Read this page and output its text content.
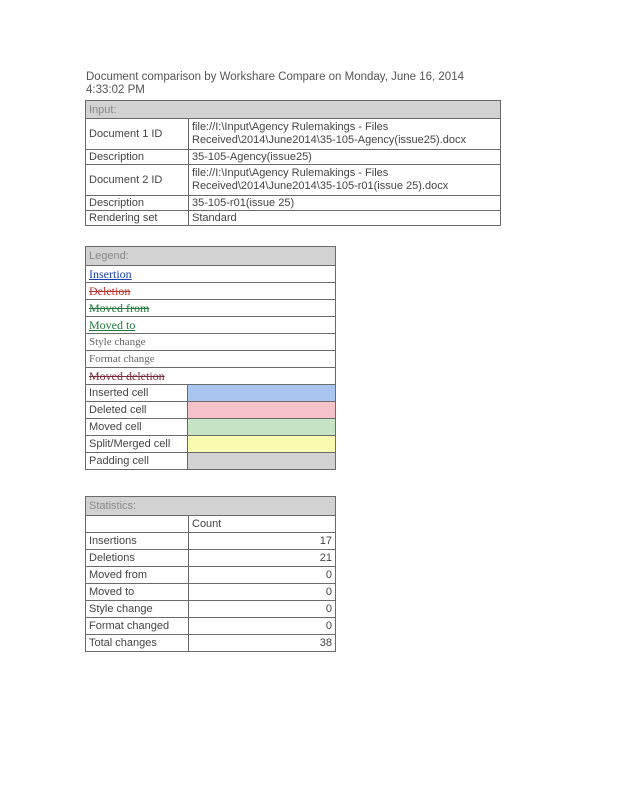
Document comparison by Workshare Compare on Monday, June 16, 2014
4:33:02 PM
Input:	
Document 1 ID	file://I:\Input\Agency Rulemakings - Files Received\2014\June2014\35-105-Agency(issue25).docx
Description	35-105-Agency(issue25)
Document 2 ID	file://I:\Input\Agency Rulemakings - Files Received\2014\June2014\35-105-r01(issue 25).docx
Description	35-105-r01(issue 25)
Rendering set	Standard
Legend:	
Insertion	
Deletion	
Moved from	
Moved to	
Style change	
Format change	
Moved deletion	
Inserted cell	
Deleted cell	
Moved cell	
Split/Merged cell	
Padding cell	
Statistics:	
	Count
Insertions	17
Deletions	21
Moved from	0
Moved to	0
Style change	0
Format changed	0
Total changes	38
